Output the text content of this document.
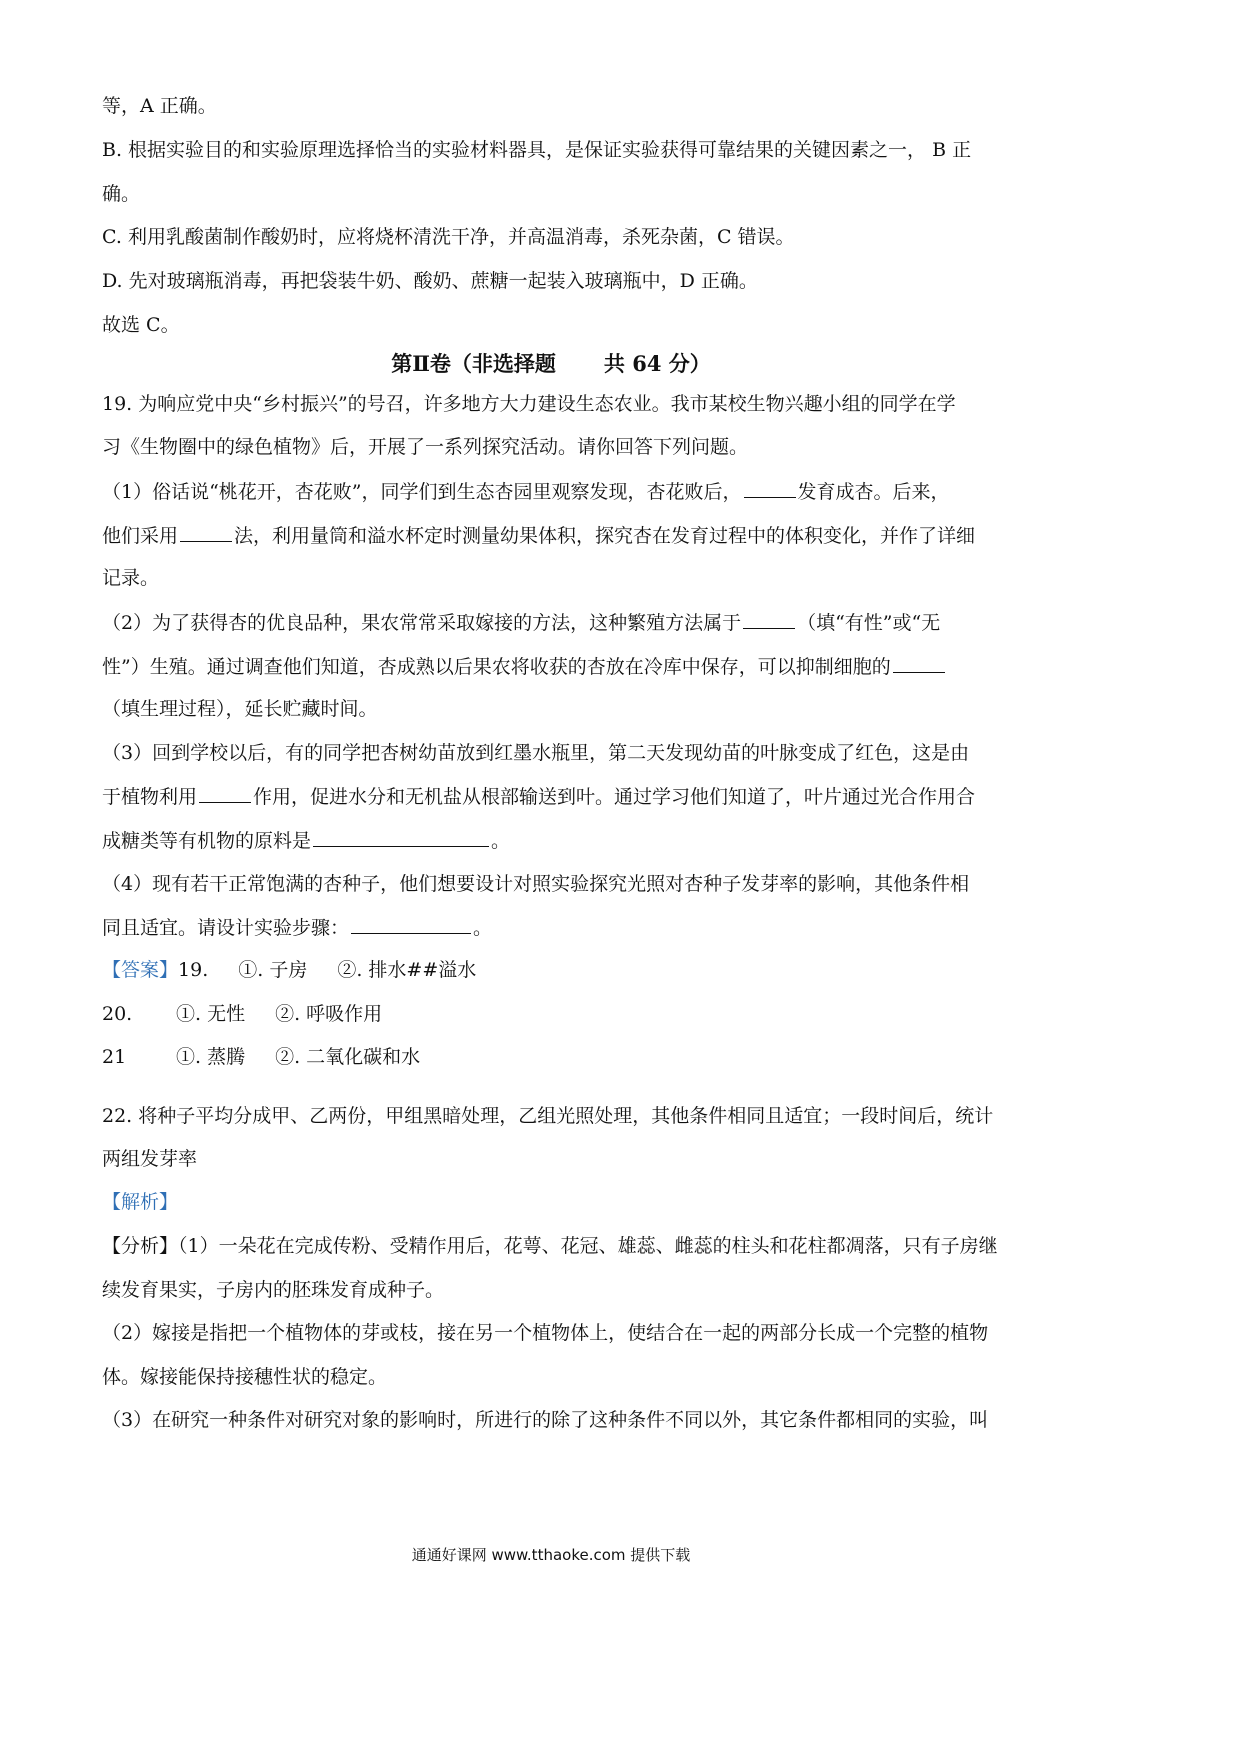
等，A 正确。
B. 根据实验目的和实验原理选择恰当的实验材料器具，是保证实验获得可靠结果的关键因素之一， B 正
确。
C. 利用乳酸菌制作酸奶时，应将烧杯清洗干净，并高温消毒，杀死杂菌，C 错误。
D. 先对玻璃瓶消毒，再把袋装牛奶、酸奶、蔗糖一起装入玻璃瓶中，D 正确。
故选 C。
第Ⅱ卷（非选择题 共 64 分）
19. 为响应党中央“乡村振兴”的号召，许多地方大力建设生态农业。我市某校生物兴趣小组的同学在学
习《生物圈中的绿色植物》后，开展了一系列探究活动。请你回答下列问题。
（1）俗话说“桃花开，杏花败”，同学们到生态杏园里观察发现，杏花败后，	发育成杏。后来，
他们采用	法，利用量筒和溢水杯定时测量幼果体积，探究杏在发育过程中的体积变化，并作了详细
记录。
（2）为了获得杏的优良品种，果农常常采取嫁接的方法，这种繁殖方法属于	（填“有性”或“无
性”）生殖。通过调查他们知道，杏成熟以后果农将收获的杏放在冷库中保存，可以抑制细胞的
（填生理过程），延长贮藏时间。
（3）回到学校以后，有的同学把杏树幼苗放到红墨水瓶里，第二天发现幼苗的叶脉变成了红色，这是由
于植物利用	作用，促进水分和无机盐从根部输送到叶。通过学习他们知道了，叶片通过光合作用合
成糖类等有机物的原料是	。
（4）现有若干正常饱满的杏种子，他们想要设计对照实验探究光照对杏种子发芽率的影响，其他条件相
同且适宜。请设计实验步骤：	。
【答案】19. ①. 子房 ②. 排水##溢水
20. ①. 无性 ②. 呼吸作用
21	①. 蒸腾 ②. 二氧化碳和水
22. 将种子平均分成甲、乙两份，甲组黑暗处理，乙组光照处理，其他条件相同且适宜；一段时间后，统计
两组发芽率
【解析】
【分析】（1）一朵花在完成传粉、受精作用后，花萼、花冠、雄蕊、雌蕊的柱头和花柱都凋落，只有子房继
续发育果实，子房内的胚珠发育成种子。
（2）嫁接是指把一个植物体的芽或枝，接在另一个植物体上，使结合在一起的两部分长成一个完整的植物
体。嫁接能保持接穗性状的稳定。
（3）在研究一种条件对研究对象的影响时，所进行的除了这种条件不同以外，其它条件都相同的实验，叫
通通好课网 www.tthaoke.com 提供下载
